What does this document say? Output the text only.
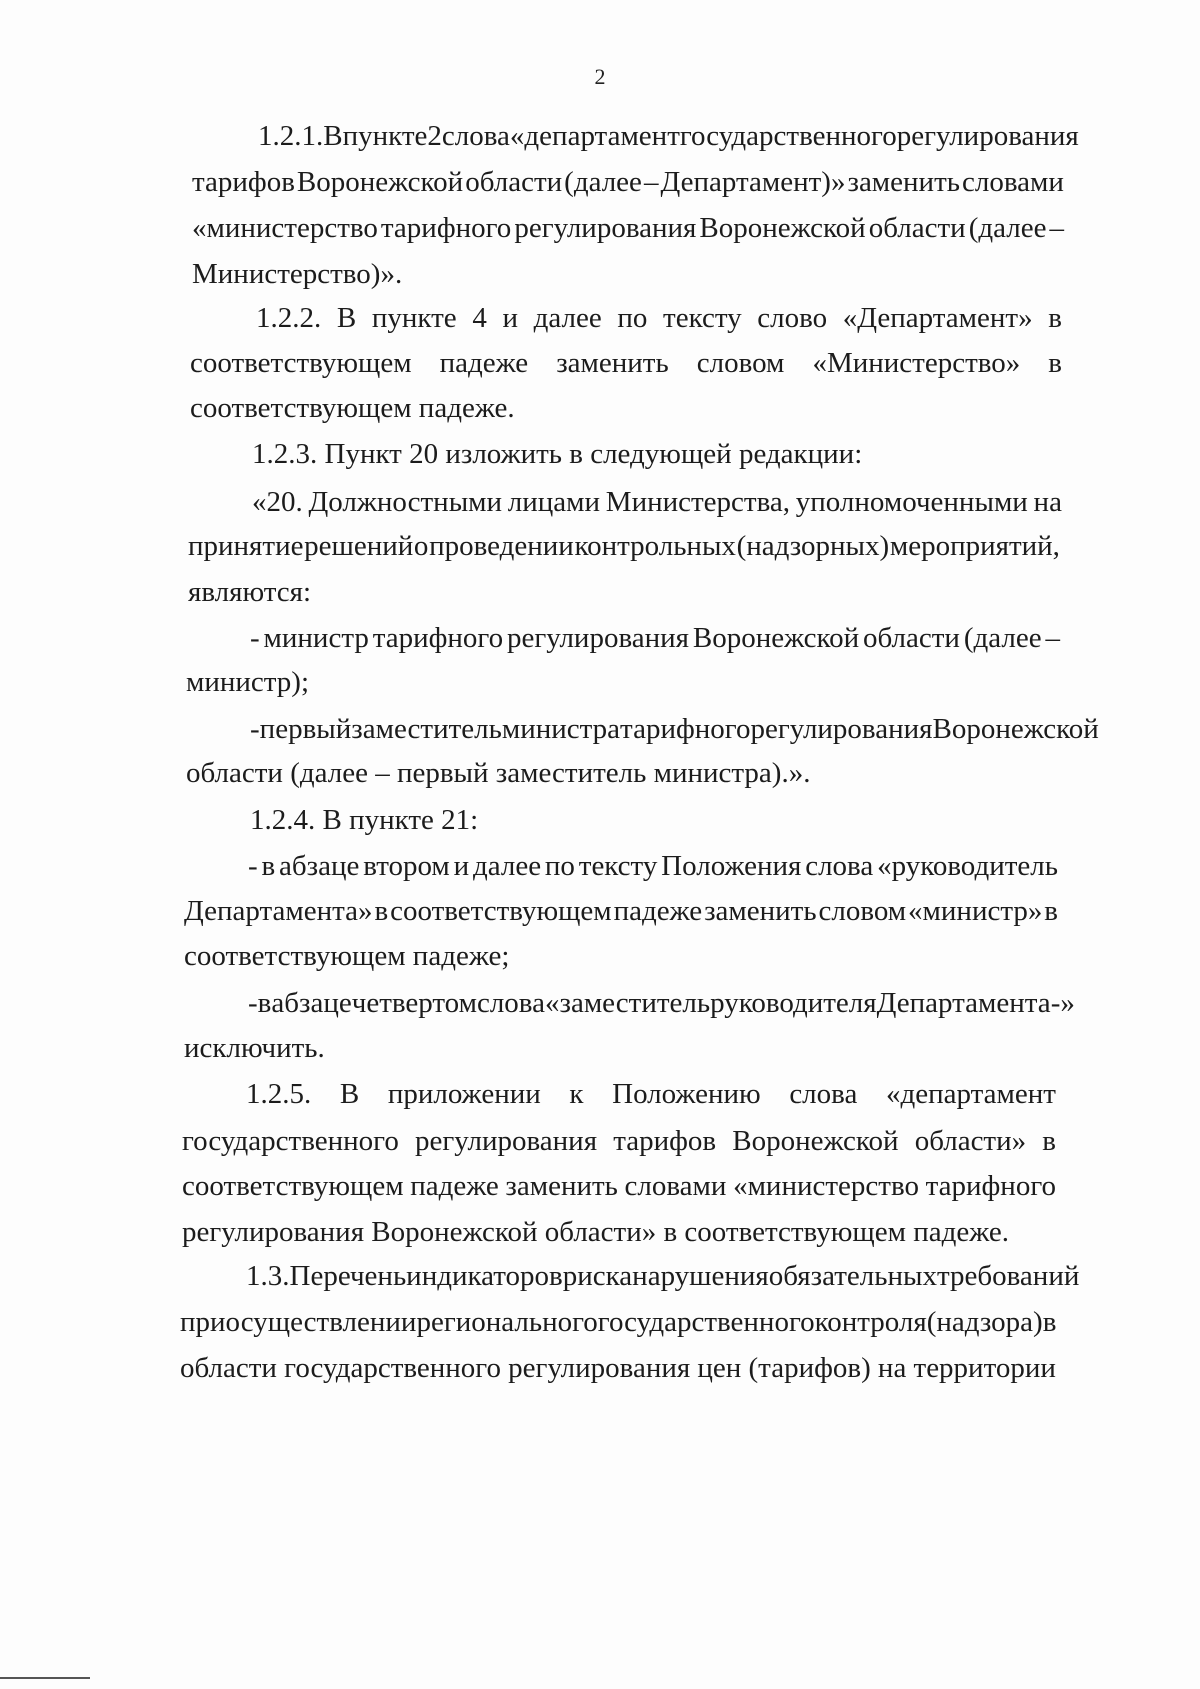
2
1.2.1. В пункте 2 слова «департамент государственного регулирования
тарифов Воронежской области (далее – Департамент)» заменить словами
«министерство тарифного регулирования Воронежской области (далее –
Министерство)».
1.2.2. В пункте 4 и далее по тексту слово «Департамент» в
соответствующем падеже заменить словом «Министерство» в
соответствующем падеже.
1.2.3. Пункт 20 изложить в следующей редакции:
«20. Должностными лицами Министерства, уполномоченными на
принятие решений о проведении контрольных (надзорных) мероприятий,
являются:
- министр тарифного регулирования Воронежской области (далее –
министр);
- первый заместитель министра тарифного регулирования Воронежской
области (далее – первый заместитель министра).».
1.2.4. В пункте 21:
- в абзаце втором и далее по тексту Положения слова «руководитель
Департамента» в соответствующем падеже заменить словом «министр» в
соответствующем падеже;
- в абзаце четвертом слова «заместитель руководителя Департамента -»
исключить.
1.2.5. В приложении к Положению слова «департамент
государственного регулирования тарифов Воронежской области» в
соответствующем падеже заменить словами «министерство тарифного
регулирования Воронежской области» в соответствующем падеже.
1.3. Перечень индикаторов риска нарушения обязательных требований
при осуществлении регионального государственного контроля (надзора) в
области государственного регулирования цен (тарифов) на территории
